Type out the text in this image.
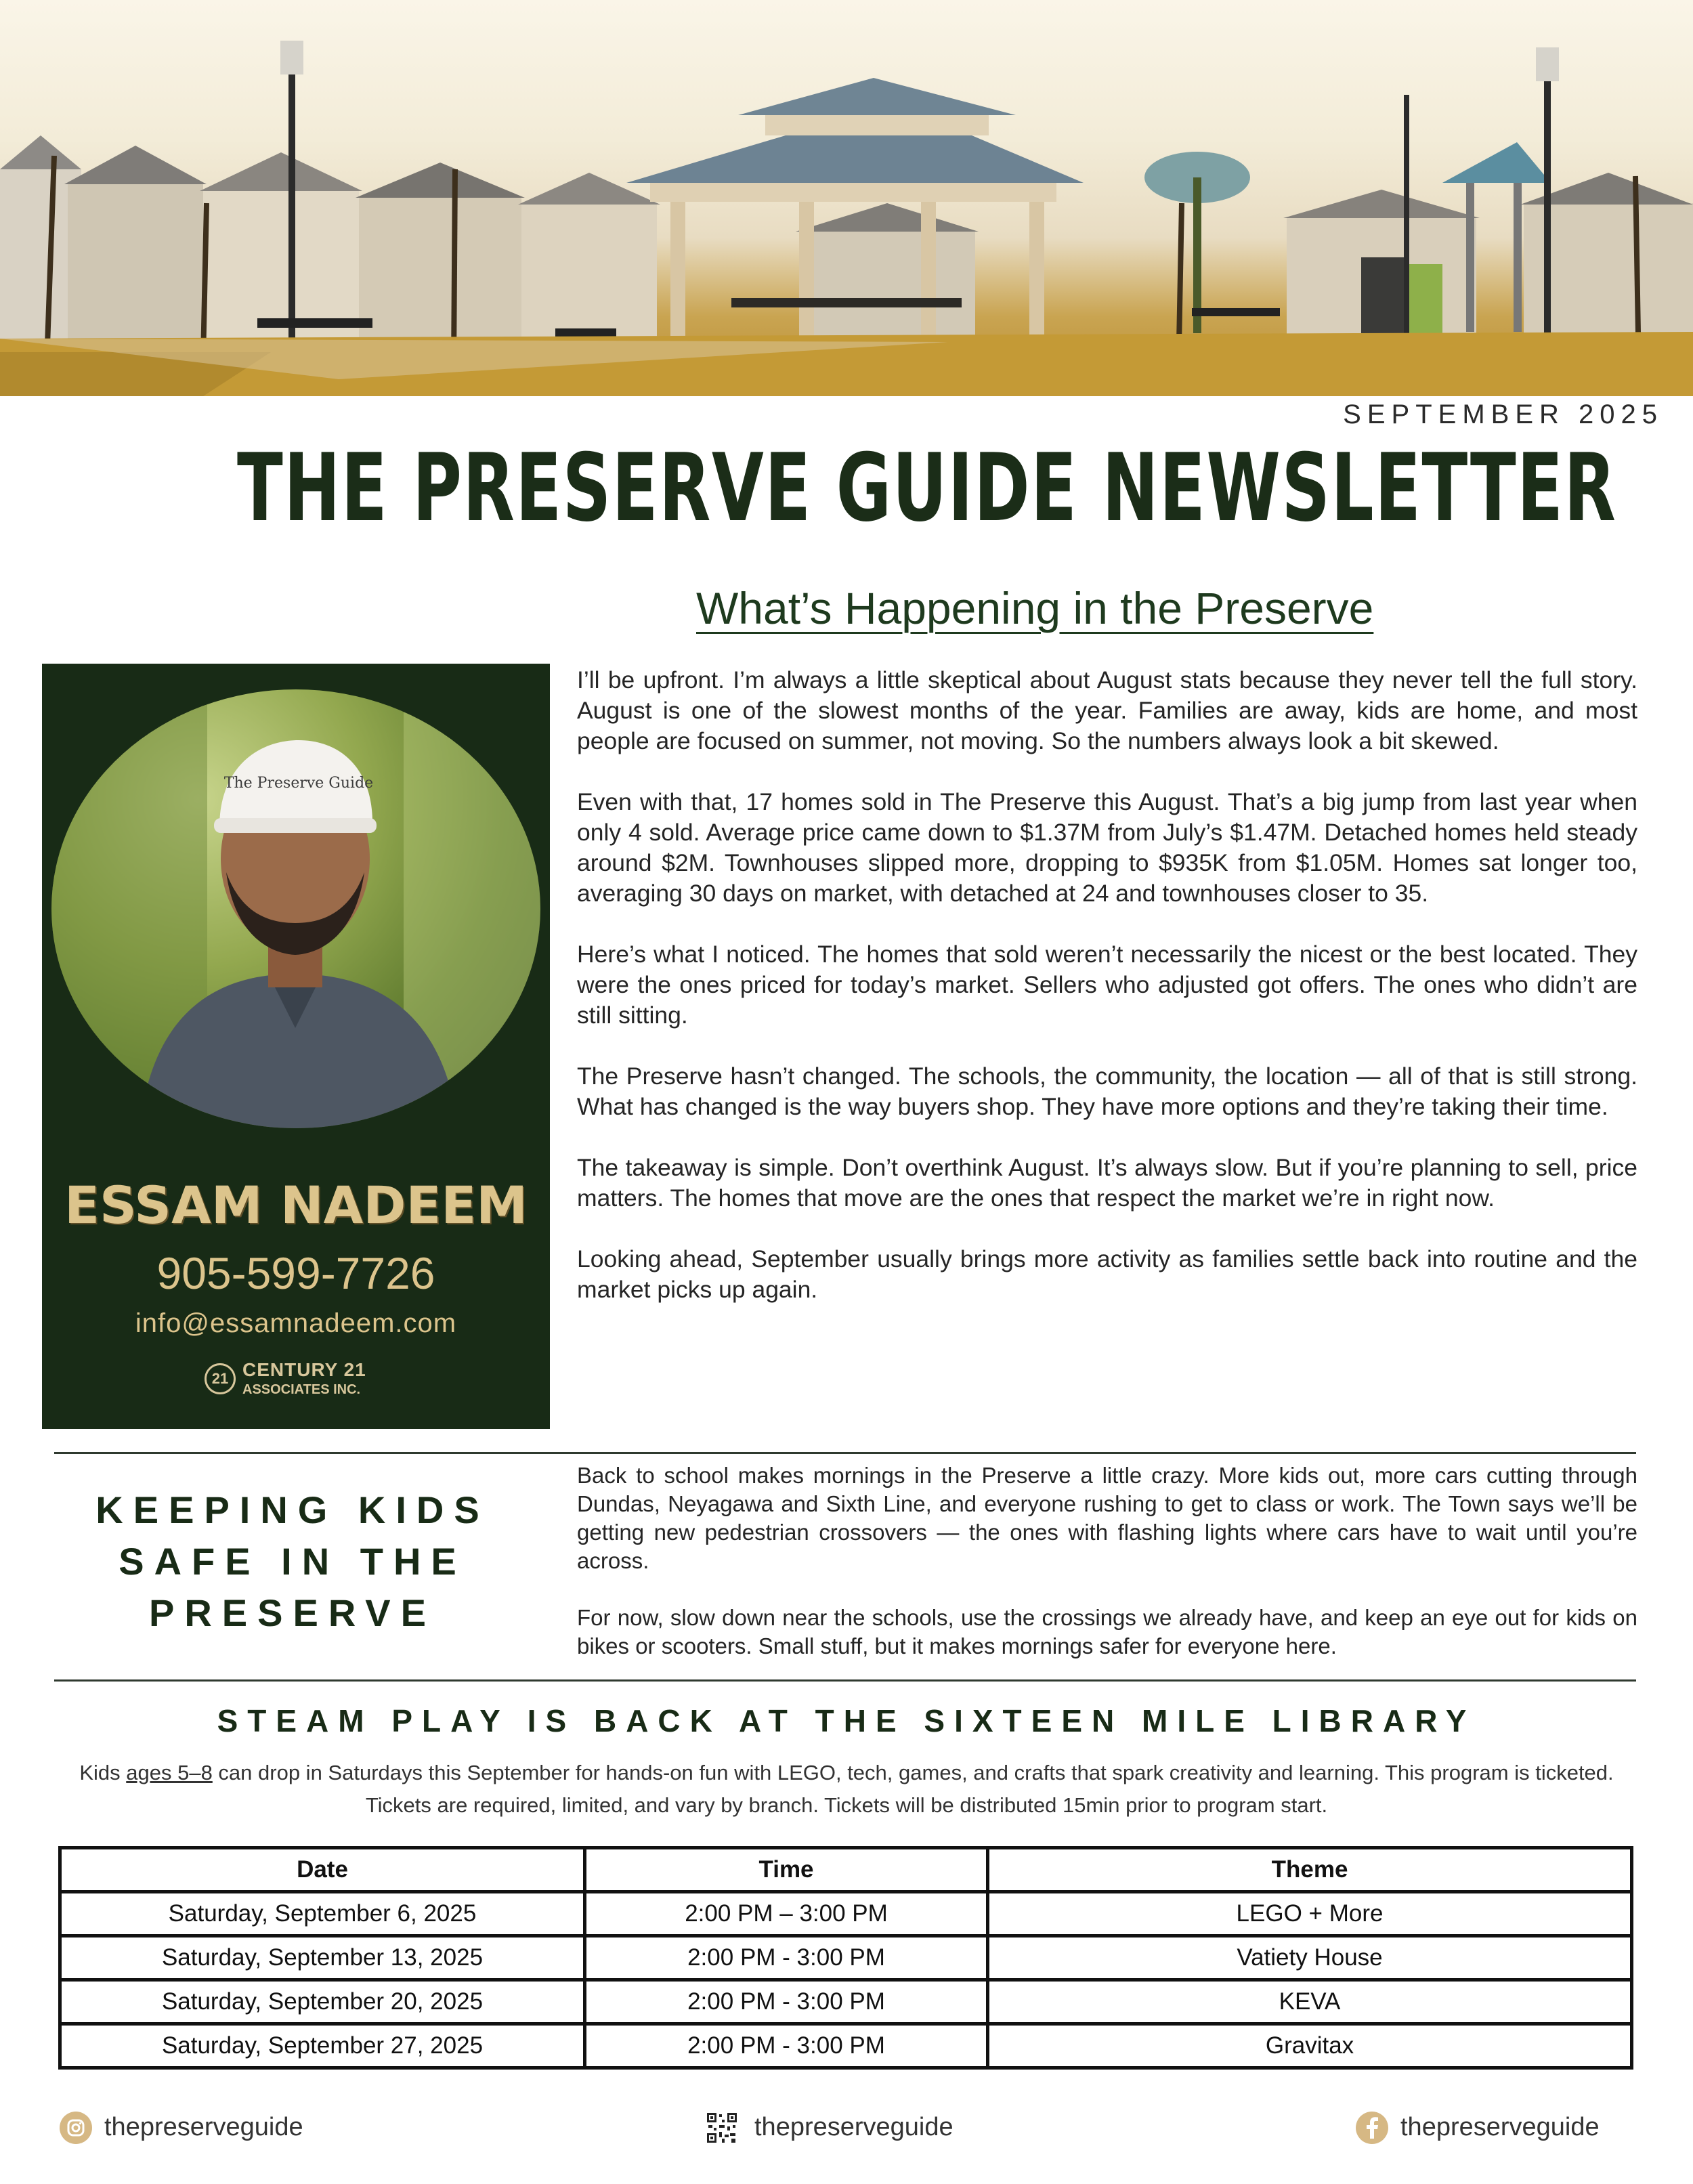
SEPTEMBER 2025
THE PRESERVE GUIDE NEWSLETTER
What’s Happening in the Preserve
The Preserve Guide
ESSAM NADEEM
905-599-7726
info@essamnadeem.com
21 CENTURY 21
ASSOCIATES INC.

I’ll be upfront. I’m always a little skeptical about August stats because they never tell the full story. August is one of the slowest months of the year. Families are away, kids are home, and most people are focused on summer, not moving. So the numbers always look a bit skewed.

Even with that, 17 homes sold in The Preserve this August. That’s a big jump from last year when only 4 sold. Average price came down to $1.37M from July’s $1.47M. Detached homes held steady around $2M. Townhouses slipped more, dropping to $935K from $1.05M. Homes sat longer too, averaging 30 days on market, with detached at 24 and townhouses closer to 35.

Here’s what I noticed. The homes that sold weren’t necessarily the nicest or the best located. They were the ones priced for today’s market. Sellers who adjusted got offers. The ones who didn’t are still sitting.

The Preserve hasn’t changed. The schools, the community, the location — all of that is still strong. What has changed is the way buyers shop. They have more options and they’re taking their time.

The takeaway is simple. Don’t overthink August. It’s always slow. But if you’re planning to sell, price matters. The homes that move are the ones that respect the market we’re in right now.

Looking ahead, September usually brings more activity as families settle back into routine and the market picks up again.

KEEPING KIDS
SAFE IN THE
PRESERVE

Back to school makes mornings in the Preserve a little crazy. More kids out, more cars cutting through Dundas, Neyagawa and Sixth Line, and everyone rushing to get to class or work. The Town says we’ll be getting new pedestrian crossovers — the ones with flashing lights where cars have to wait until you’re across.

For now, slow down near the schools, use the crossings we already have, and keep an eye out for kids on bikes or scooters. Small stuff, but it makes mornings safer for everyone here.

STEAM PLAY IS BACK AT THE SIXTEEN MILE LIBRARY
Kids ages 5–8 can drop in Saturdays this September for hands-on fun with LEGO, tech, games, and crafts that spark creativity and learning. This program is ticketed. Tickets are required, limited, and vary by branch. Tickets will be distributed 15min prior to program start.
Date	Time	Theme
Saturday, September 6, 2025	2:00 PM – 3:00 PM	LEGO + More
Saturday, September 13, 2025	2:00 PM - 3:00 PM	Vatiety House
Saturday, September 20, 2025	2:00 PM - 3:00 PM	KEVA
Saturday, September 27, 2025	2:00 PM - 3:00 PM	Gravitax
thepreserveguide	thepreserveguide	thepreserveguide
